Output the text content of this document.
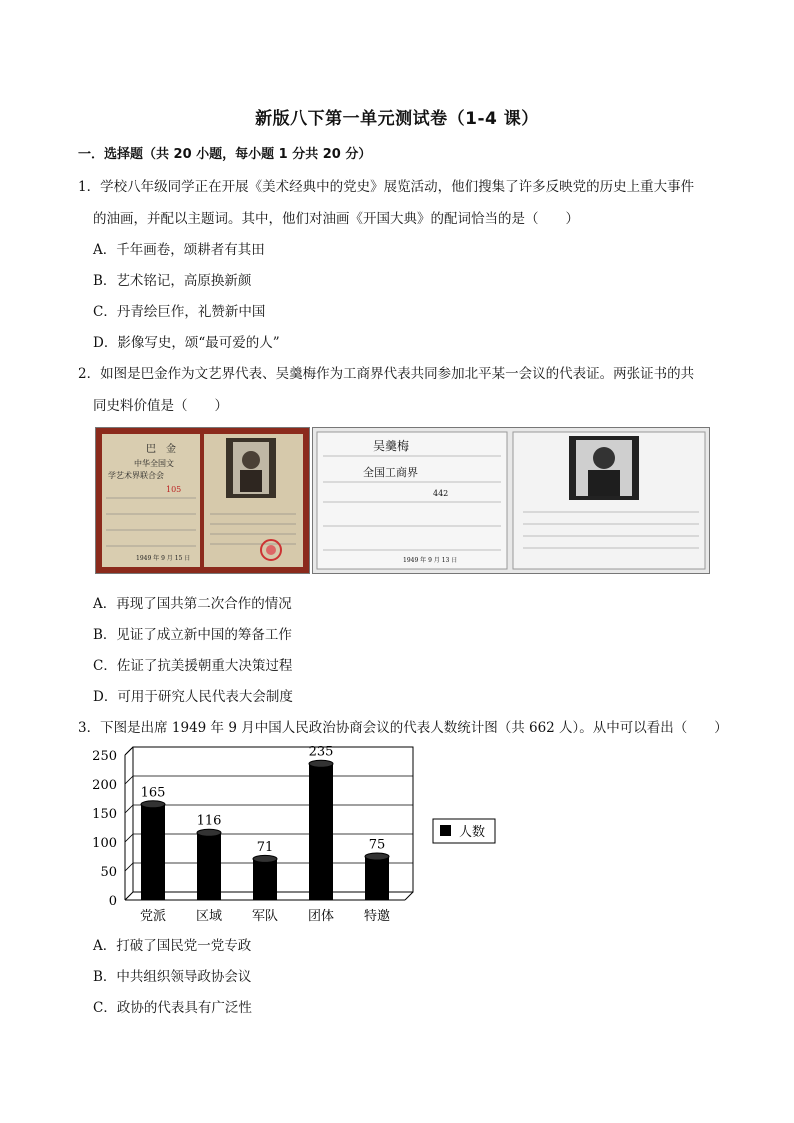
新版八下第一单元测试卷（1-4 课）
一．选择题（共 20 小题，每小题 1 分共 20 分）
1．学校八年级同学正在开展《美术经典中的党史》展览活动，他们搜集了许多反映党的历史上重大事件
的油画，并配以主题词。其中，他们对油画《开国大典》的配词恰当的是（　　）
A．千年画卷，颂耕者有其田
B．艺术铭记，高原换新颜
C．丹青绘巨作，礼赞新中国
D．影像写史，颂“最可爱的人”
2．如图是巴金作为文艺界代表、吴羹梅作为工商界代表共同参加北平某一会议的代表证。两张证书的共
同史料价值是（　　）
巴　金
中华全国文
学艺术界联合会
105
1949 年 9 月 15 日
吴羹梅
全国工商界
442
1949 年 9 月 13 日
A．再现了国共第二次合作的情况
B．见证了成立新中国的筹备工作
C．佐证了抗美援朝重大决策过程
D．可用于研究人民代表大会制度
3．下图是出席 1949 年 9 月中国人民政治协商会议的代表人数统计图（共 662 人）。从中可以看出（　　）
0
50
100
150
200
250
165
党派
116
区域
71
军队
235
团体
75
特邀
人数
A．打破了国民党一党专政
B．中共组织领导政协会议
C．政协的代表具有广泛性
